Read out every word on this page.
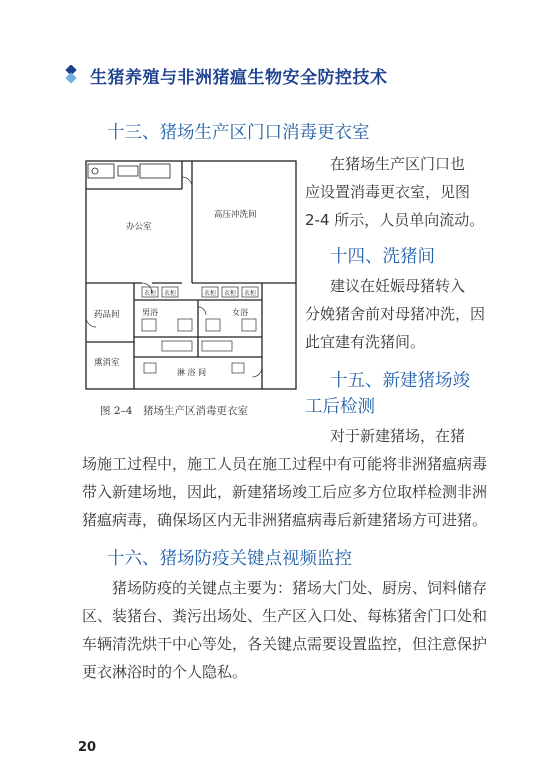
生猪养殖与非洲猪瘟生物安全防控技术
十三、猪场生产区门口消毒更衣室
办公室
高压冲洗间
药品间
熏消室
男浴	女浴
淋 浴 间
衣柜 衣柜	衣柜 衣柜 衣柜
图 2–4　猪场生产区消毒更衣室
在猪场生产区门口也
应设置消毒更衣室，见图
2-4 所示，人员单向流动。
十四、洗猪间
建议在妊娠母猪转入
分娩猪舍前对母猪冲洗，因
此宜建有洗猪间。
十五、新建猪场竣
工后检测
对于新建猪场，在猪
场施工过程中，施工人员在施工过程中有可能将非洲猪瘟病毒
带入新建场地，因此，新建猪场竣工后应多方位取样检测非洲
猪瘟病毒，确保场区内无非洲猪瘟病毒后新建猪场方可进猪。
十六、猪场防疫关键点视频监控
猪场防疫的关键点主要为：猪场大门处、厨房、饲料储存
区、装猪台、粪污出场处、生产区入口处、每栋猪舍门口处和
车辆清洗烘干中心等处，各关键点需要设置监控，但注意保护
更衣淋浴时的个人隐私。
20
